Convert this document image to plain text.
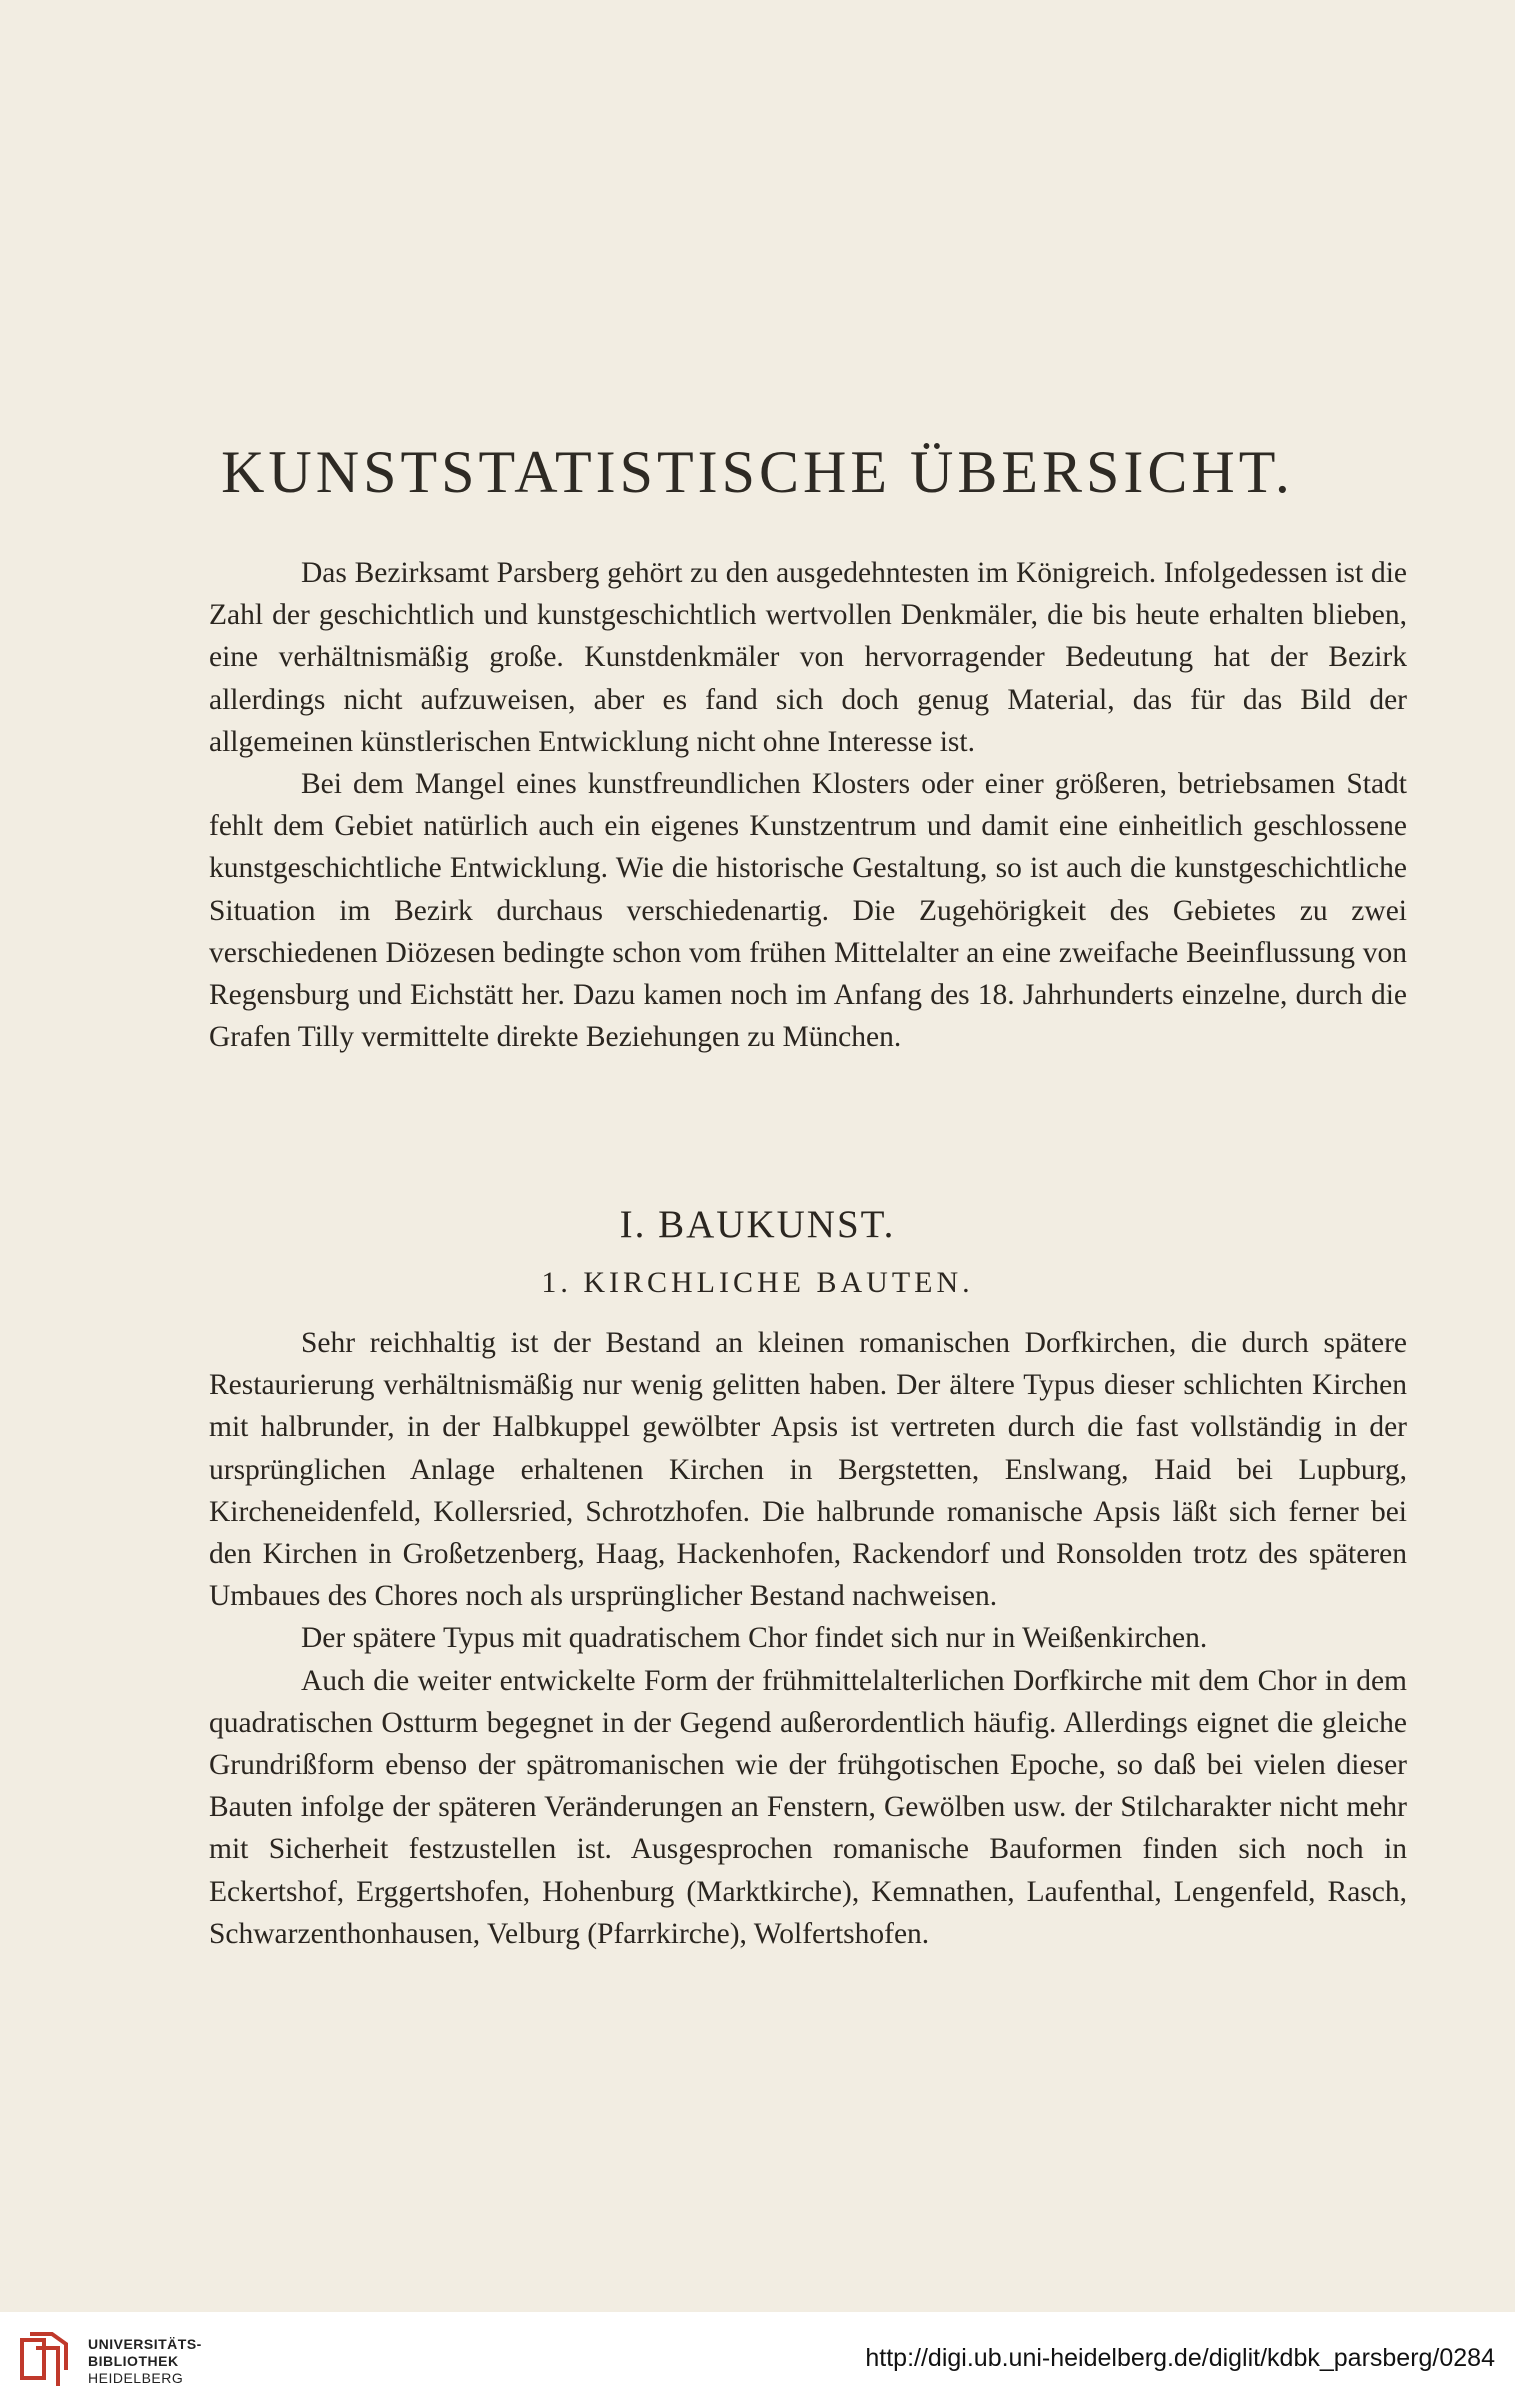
KUNSTSTATISTISCHE ÜBERSICHT.

Das Bezirksamt Parsberg gehört zu den ausgedehntesten im Königreich. Infolgedessen ist die Zahl der geschichtlich und kunstgeschichtlich wertvollen Denkmäler, die bis heute erhalten blieben, eine verhältnismäßig große. Kunstdenkmäler von hervorragender Bedeutung hat der Bezirk allerdings nicht aufzuweisen, aber es fand sich doch genug Material, das für das Bild der allgemeinen künstlerischen Entwicklung nicht ohne Interesse ist.

Bei dem Mangel eines kunstfreundlichen Klosters oder einer größeren, betriebsamen Stadt fehlt dem Gebiet natürlich auch ein eigenes Kunstzentrum und damit eine einheitlich geschlossene kunstgeschichtliche Entwicklung. Wie die historische Gestaltung, so ist auch die kunstgeschichtliche Situation im Bezirk durchaus verschiedenartig. Die Zugehörigkeit des Gebietes zu zwei verschiedenen Diözesen bedingte schon vom frühen Mittelalter an eine zweifache Beeinflussung von Regensburg und Eichstätt her. Dazu kamen noch im Anfang des 18. Jahrhunderts einzelne, durch die Grafen Tilly vermittelte direkte Beziehungen zu München.

I. BAUKUNST.
1. KIRCHLICHE BAUTEN.

Sehr reichhaltig ist der Bestand an kleinen romanischen Dorfkirchen, die durch spätere Restaurierung verhältnismäßig nur wenig gelitten haben. Der ältere Typus dieser schlichten Kirchen mit halbrunder, in der Halbkuppel gewölbter Apsis ist vertreten durch die fast vollständig in der ursprünglichen Anlage erhaltenen Kirchen in Bergstetten, Enslwang, Haid bei Lupburg, Kircheneidenfeld, Kollersried, Schrotzhofen. Die halbrunde romanische Apsis läßt sich ferner bei den Kirchen in Großetzenberg, Haag, Hackenhofen, Rackendorf und Ronsolden trotz des späteren Umbaues des Chores noch als ursprünglicher Bestand nachweisen.

Der spätere Typus mit quadratischem Chor findet sich nur in Weißenkirchen.

Auch die weiter entwickelte Form der frühmittelalterlichen Dorfkirche mit dem Chor in dem quadratischen Ostturm begegnet in der Gegend außerordentlich häufig. Allerdings eignet die gleiche Grundrißform ebenso der spätromanischen wie der frühgotischen Epoche, so daß bei vielen dieser Bauten infolge der späteren Veränderungen an Fenstern, Gewölben usw. der Stilcharakter nicht mehr mit Sicherheit festzustellen ist. Ausgesprochen romanische Bauformen finden sich noch in Eckertshof, Erggertshofen, Hohenburg (Marktkirche), Kemnathen, Laufenthal, Lengenfeld, Rasch, Schwarzenthonhausen, Velburg (Pfarrkirche), Wolfertshofen.

UNIVERSITÄTS-
BIBLIOTHEK
HEIDELBERG
http://digi.ub.uni-heidelberg.de/diglit/kdbk_parsberg/0284
